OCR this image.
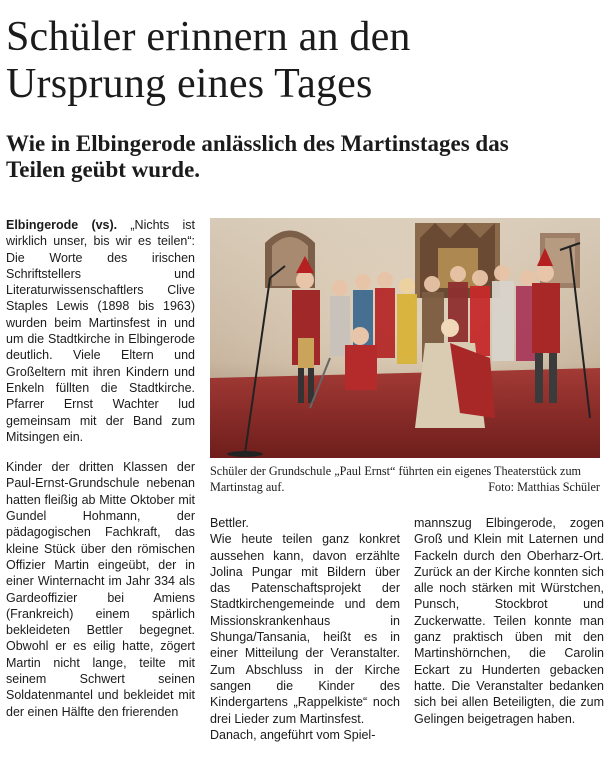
Schüler erinnern an den
Ursprung eines Tages
Wie in Elbingerode anlässlich des Martinstages das
Teilen geübt wurde.

Elbingerode (vs). „Nichts ist wirklich unser, bis wir es teilen“: Die Worte des irischen Schriftstellers und Literaturwissenschaftlers Clive Staples Lewis (1898 bis 1963) wurden beim Martinsfest in und um die Stadtkirche in Elbingerode deutlich. Viele Eltern und Großeltern mit ihren Kindern und Enkeln füllten die Stadtkirche. Pfarrer Ernst Wachter lud gemeinsam mit der Band zum Mitsingen ein.

Kinder der dritten Klassen der Paul-Ernst-Grundschule nebenan hatten fleißig ab Mitte Oktober mit Gundel Hohmann, der pädagogischen Fachkraft, das kleine Stück über den römischen Offizier Martin eingeübt, der in einer Winternacht im Jahr 334 als Gardeoffizier bei Amiens (Frankreich) einem spärlich bekleideten Bettler begegnet. Obwohl er es eilig hatte, zögert Martin nicht lange, teilte mit seinem Schwert seinen Soldatenmantel und bekleidet mit der einen Hälfte den frierenden

Schüler der Grundschule „Paul Ernst“ führten ein eigenes Theaterstück zum Martinstag auf.	Foto: Matthias Schüler

Bettler.

Wie heute teilen ganz konkret aussehen kann, davon erzählte Jolina Pungar mit Bildern über das Patenschaftsprojekt der Stadtkirchengemeinde und dem Missionskrankenhaus in Shunga/Tansania, heißt es in einer Mitteilung der Veranstalter. Zum Abschluss in der Kirche sangen die Kinder des Kindergartens „Rappelkiste“ noch drei Lieder zum Martinsfest.

Danach, angeführt vom Spiel-

mannszug Elbingerode, zogen Groß und Klein mit Laternen und Fackeln durch den Oberharz-Ort. Zurück an der Kirche konnten sich alle noch stärken mit Würstchen, Punsch, Stockbrot und Zuckerwatte. Teilen konnte man ganz praktisch üben mit den Martinshörnchen, die Carolin Eckart zu Hunderten gebacken hatte. Die Veranstalter bedanken sich bei allen Beteiligten, die zum Gelingen beigetragen haben.
